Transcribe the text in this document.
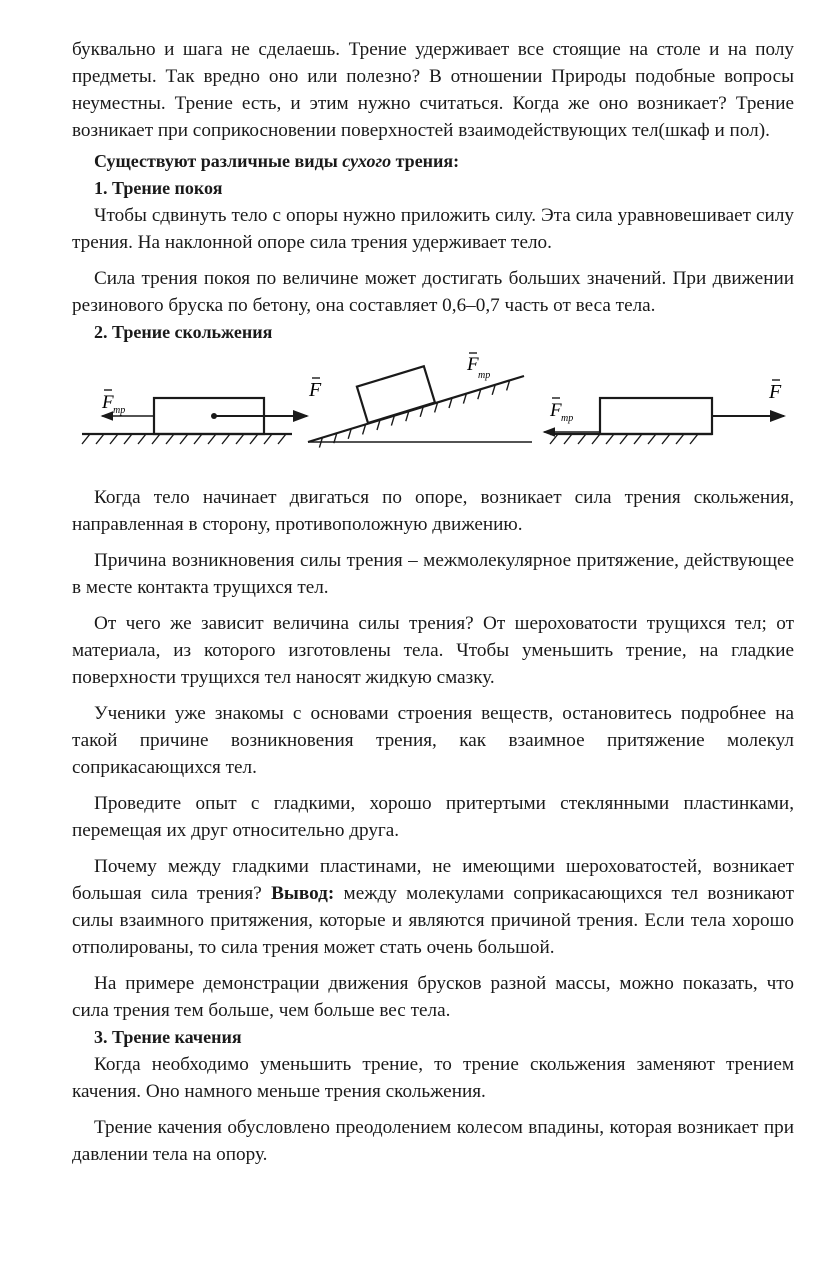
буквально и шага не сделаешь. Трение удерживает все стоящие на столе и на полу предметы. Так вредно оно или полезно? В отношении Природы подобные вопросы неуместны. Трение есть, и этим нужно считаться. Когда же оно возникает? Трение возникает при соприкосновении поверхностей взаимодействующих тел(шкаф и пол).

Существуют различные виды сухого трения:

1. Трение покоя

Чтобы сдвинуть тело с опоры нужно приложить силу. Эта сила уравновешивает силу трения. На наклонной опоре сила трения удерживает тело.

Сила трения покоя по величине может достигать больших значений. При движении резинового бруска по бетону, она составляет 0,6–0,7 часть от веса тела.

2. Трение скольжения

F
F тр
F
тр
F
F тр

Когда тело начинает двигаться по опоре, возникает сила трения скольжения, направленная в сторону, противоположную движению.

Причина возникновения силы трения – межмолекулярное притяжение, действующее в месте контакта трущихся тел.

От чего же зависит величина силы трения? От шероховатости трущихся тел; от материала, из которого изготовлены тела. Чтобы уменьшить трение, на гладкие поверхности трущихся тел наносят жидкую смазку.

Ученики уже знакомы с основами строения веществ, остановитесь подробнее на такой причине возникновения трения, как взаимное притяжение молекул соприкасающихся тел.

Проведите опыт с гладкими, хорошо притертыми стеклянными пластинками, перемещая их друг относительно друга.

Почему между гладкими пластинами, не имеющими шероховатостей, возникает большая сила трения? Вывод: между молекулами соприкасающихся тел возникают силы взаимного притяжения, которые и являются причиной трения. Если тела хорошо отполированы, то сила трения может стать очень большой.

На примере демонстрации движения брусков разной массы, можно показать, что сила трения тем больше, чем больше вес тела.

3. Трение качения

Когда необходимо уменьшить трение, то трение скольжения заменяют трением качения. Оно намного меньше трения скольжения.

Трение качения обусловлено преодолением колесом впадины, которая возникает при давлении тела на опору.
